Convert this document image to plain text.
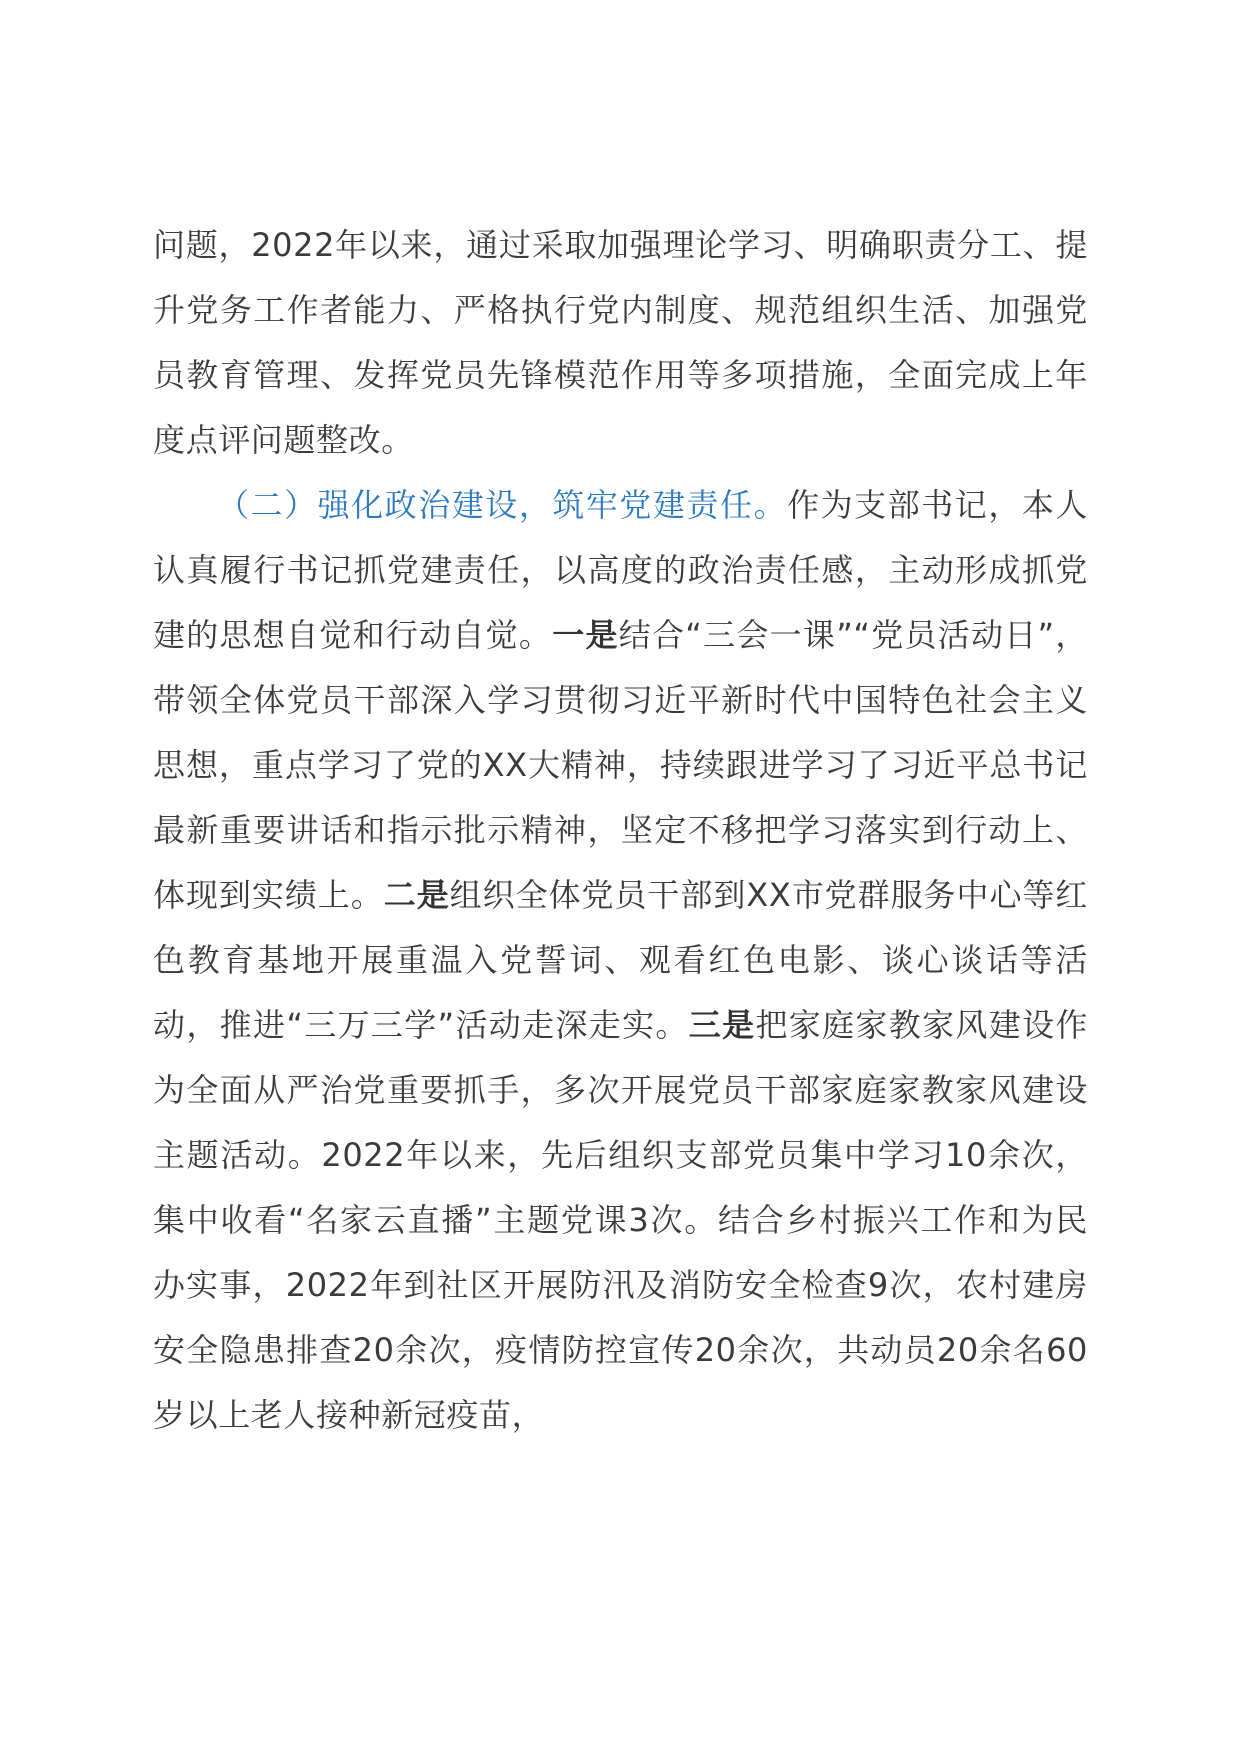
问题，2022年以来，通过采取加强理论学习、明确职责分工、提升党务工作者能力、严格执行党内制度、规范组织生活、加强党员教育管理、发挥党员先锋模范作用等多项措施，全面完成上年度点评问题整改。

（二）强化政治建设，筑牢党建责任。作为支部书记，本人认真履行书记抓党建责任，以高度的政治责任感，主动形成抓党建的思想自觉和行动自觉。一是结合“三会一课”“党员活动日”，带领全体党员干部深入学习贯彻习近平新时代中国特色社会主义思想，重点学习了党的XX大精神，持续跟进学习了习近平总书记最新重要讲话和指示批示精神，坚定不移把学习落实到行动上、体现到实绩上。二是组织全体党员干部到XX市党群服务中心等红色教育基地开展重温入党誓词、观看红色电影、谈心谈话等活动，推进“三万三学”活动走深走实。三是把家庭家教家风建设作为全面从严治党重要抓手，多次开展党员干部家庭家教家风建设主题活动。2022年以来，先后组织支部党员集中学习10余次，集中收看“名家云直播”主题党课3次。结合乡村振兴工作和为民办实事，2022年到社区开展防汛及消防安全检查9次，农村建房安全隐患排查20余次，疫情防控宣传20余次，共动员20余名60岁以上老人接种新冠疫苗，
